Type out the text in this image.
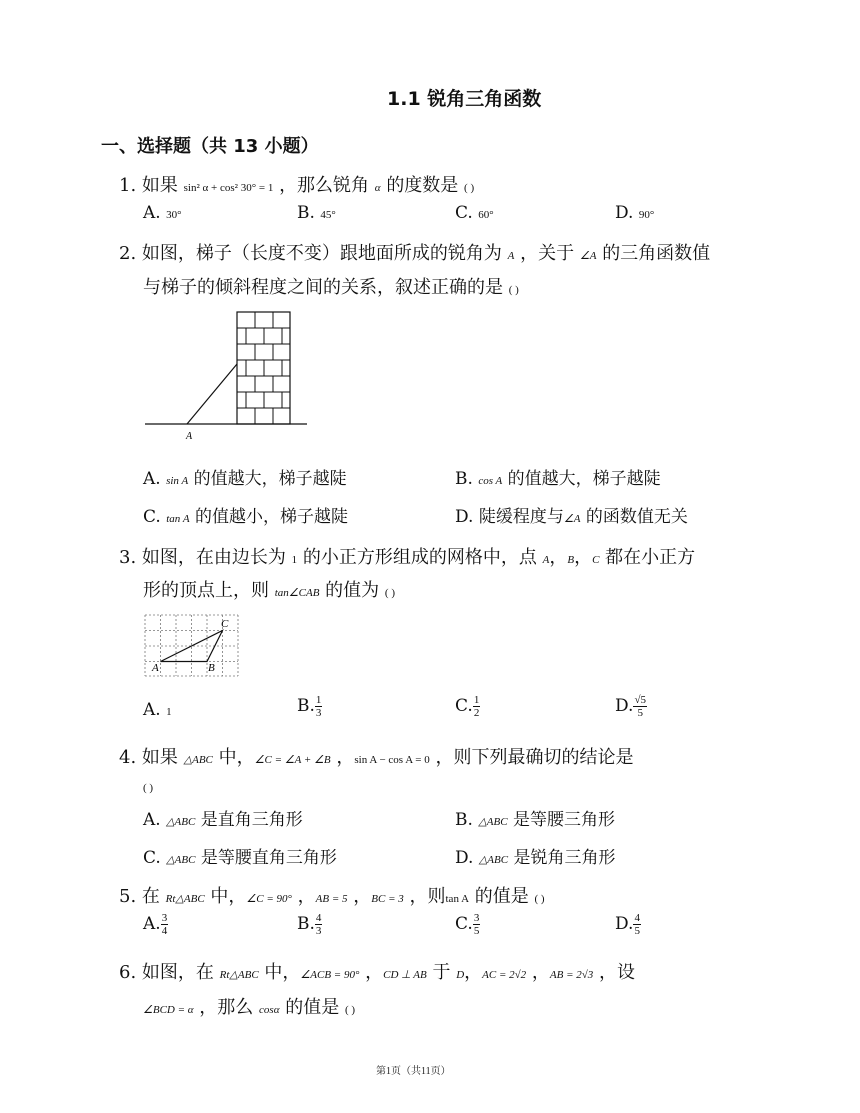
1.1 锐角三角函数
一、选择题（共 13 小题）
1. 如果 sin² α + cos² 30° = 1 ，那么锐角 α 的度数是 ( )
A. 30°	B. 45°	C. 60°	D. 90°
2. 如图，梯子（长度不变）跟地面所成的锐角为 A ，关于 ∠A 的三角函数值
与梯子的倾斜程度之间的关系，叙述正确的是 ( )
A
A. sin A 的值越大，梯子越陡	B. cos A 的值越大，梯子越陡
C. tan A 的值越小，梯子越陡	D. 陡缓程度与∠A 的函数值无关
3. 如图，在由边长为 1 的小正方形组成的网格中，点 A，B，C 都在小正方
形的顶点上，则 tan∠CAB 的值为 ( )
A	B
C
A. 1	B. $\frac{1}{3}$	C. $\frac{1}{2}$	D. $\frac{√5}{5}$
4. 如果 △ABC 中，∠C = ∠A + ∠B ，sin A − cos A = 0 ，则下列最确切的结论是
( )
A. △ABC 是直角三角形	B. △ABC 是等腰三角形
C. △ABC 是等腰直角三角形	D. △ABC 是锐角三角形
5. 在 Rt△ABC 中，∠C = 90° ，AB = 5 ，BC = 3 ，则tan A 的值是 ( )
A. $\frac{3}{4}$	B. $\frac{4}{3}$	C. $\frac{3}{5}$	D. $\frac{4}{5}$
6. 如图，在 Rt△ABC 中，∠ACB = 90° ，CD ⊥ AB 于 D，AC = 2√2 ，AB = 2√3 ，设
∠BCD = α ，那么 cosα 的值是 ( )
第1页（共11页）
